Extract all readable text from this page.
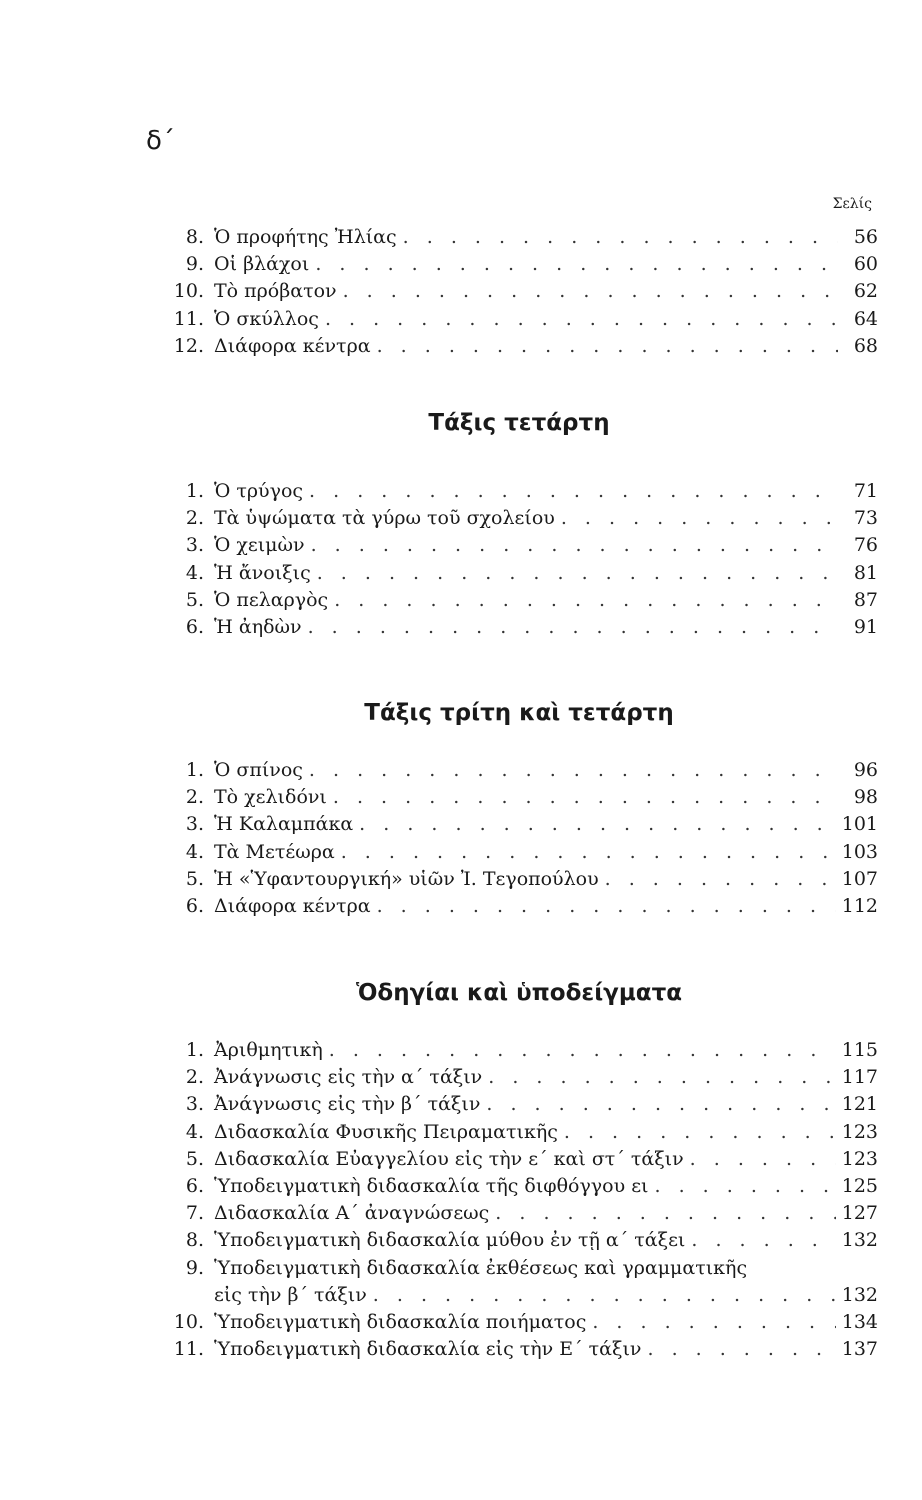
δ΄
Σελίς
8. Ὁ προφήτης Ἠλίας . . .	56
9. Οἱ βλάχοι . . .	60
10. Τὸ πρόβατον . . .	62
11. Ὁ σκύλλος . . .	64
12. Διάφορα κέντρα . . .	68
Τάξις τετάρτη
1. Ὁ τρύγος . . .	71
2. Τὰ ὑψώματα τὰ γύρω τοῦ σχολείου . . .	73
3. Ὁ χειμὼν . . .	76
4. Ἡ ἄνοιξις . . .	81
5. Ὁ πελαργὸς . . .	87
6. Ἡ ἀηδὼν . . .	91
Τάξις τρίτη καὶ τετάρτη
1. Ὁ σπίνος . . .	96
2. Τὸ χελιδόνι . . .	98
3. Ἡ Καλαμπάκα . . .	101
4. Τὰ Μετέωρα . . .	103
5. Ἡ «Ὑφαντουργική» υἱῶν Ἰ. Τεγοπούλου . . .	107
6. Διάφορα κέντρα . . .	112
Ὁδηγίαι καὶ ὑποδείγματα
1. Ἀριθμητικὴ . . .	115
2. Ἀνάγνωσις εἰς τὴν α΄ τάξιν . . .	117
3. Ἀνάγνωσις εἰς τὴν β΄ τάξιν . . .	121
4. Διδασκαλία Φυσικῆς Πειραματικῆς . . .	123
5. Διδασκαλία Εὐαγγελίου εἰς τὴν ε΄ καὶ στ΄ τάξιν . . .	123
6. Ὑποδειγματικὴ διδασκαλία τῆς διφθόγγου ει . . .	125
7. Διδασκαλία Α΄ ἀναγνώσεως . . .	127
8. Ὑποδειγματικὴ διδασκαλία μύθου ἐν τῇ α΄ τάξει . . .	132
9. Ὑποδειγματικὴ διδασκαλία ἐκθέσεως καὶ γραμματικῆς
εἰς τὴν β΄ τάξιν . . .	132
10. Ὑποδειγματικὴ διδασκαλία ποιήματος . . .	134
11. Ὑποδειγματικὴ διδασκαλία εἰς τὴν Ε΄ τάξιν . . .	137
